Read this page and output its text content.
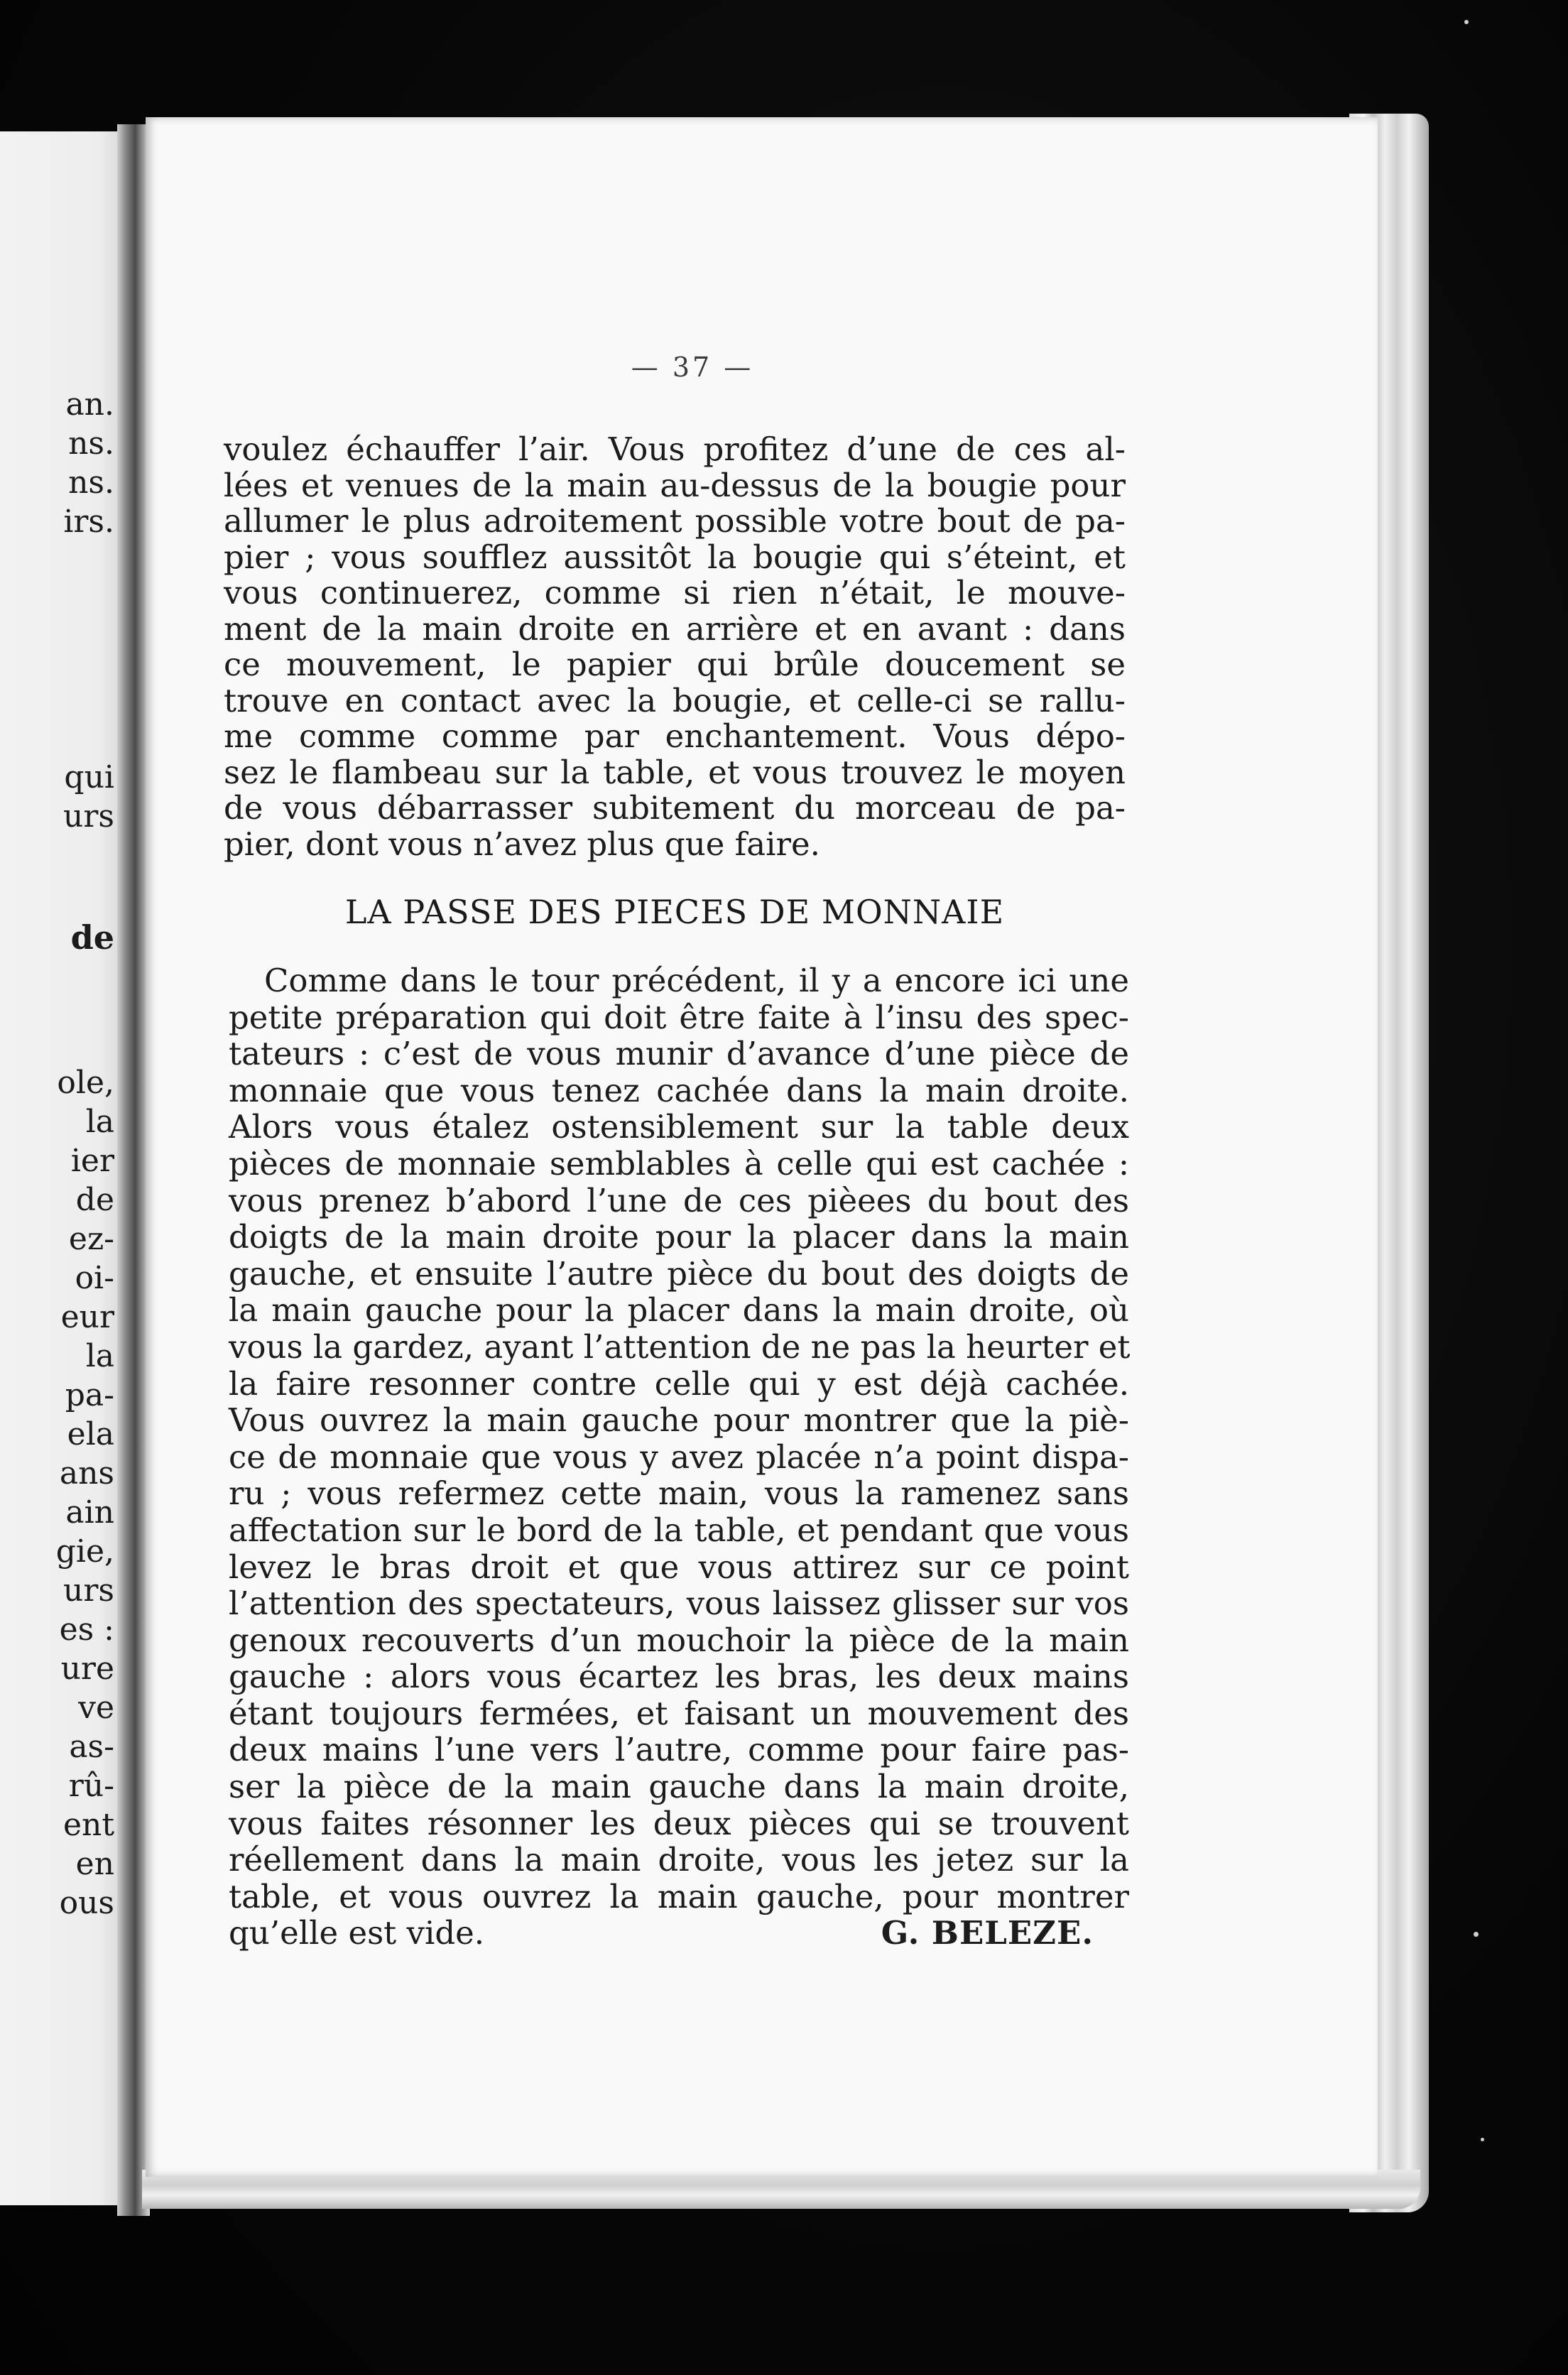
an.
ns.
ns.
irs.
qui
urs
de
ole,
la
ier
de
ez-
oi-
eur
la
pa-
ela
ans
ain
gie,
urs
es :
ure
ve
as-
rû-
ent
en
ous
— 37 —
voulez échauffer l’air. Vous profitez d’une de ces al-
lées et venues de la main au-dessus de la bougie pour
allumer le plus adroitement possible votre bout de pa-
pier ; vous soufflez aussitôt la bougie qui s’éteint, et
vous continuerez, comme si rien n’était, le mouve-
ment de la main droite en arrière et en avant : dans
ce mouvement, le papier qui brûle doucement se
trouve en contact avec la bougie, et celle-ci se rallu-
me comme comme par enchantement. Vous dépo-
sez le flambeau sur la table, et vous trouvez le moyen
de vous débarrasser subitement du morceau de pa-
pier, dont vous n’avez plus que faire.
LA PASSE DES PIECES DE MONNAIE
Comme dans le tour précédent, il y a encore ici une
petite préparation qui doit être faite à l’insu des spec-
tateurs : c’est de vous munir d’avance d’une pièce de
monnaie que vous tenez cachée dans la main droite.
Alors vous étalez ostensiblement sur la table deux
pièces de monnaie semblables à celle qui est cachée :
vous prenez b’abord l’une de ces pièees du bout des
doigts de la main droite pour la placer dans la main
gauche, et ensuite l’autre pièce du bout des doigts de
la main gauche pour la placer dans la main droite, où
vous la gardez, ayant l’attention de ne pas la heurter et
la faire resonner contre celle qui y est déjà cachée.
Vous ouvrez la main gauche pour montrer que la piè-
ce de monnaie que vous y avez placée n’a point dispa-
ru ; vous refermez cette main, vous la ramenez sans
affectation sur le bord de la table, et pendant que vous
levez le bras droit et que vous attirez sur ce point
l’attention des spectateurs, vous laissez glisser sur vos
genoux recouverts d’un mouchoir la pièce de la main
gauche : alors vous écartez les bras, les deux mains
étant toujours fermées, et faisant un mouvement des
deux mains l’une vers l’autre, comme pour faire pas-
ser la pièce de la main gauche dans la main droite,
vous faites résonner les deux pièces qui se trouvent
réellement dans la main droite, vous les jetez sur la
table, et vous ouvrez la main gauche, pour montrer
qu’elle est vide.	G. BELEZE.
